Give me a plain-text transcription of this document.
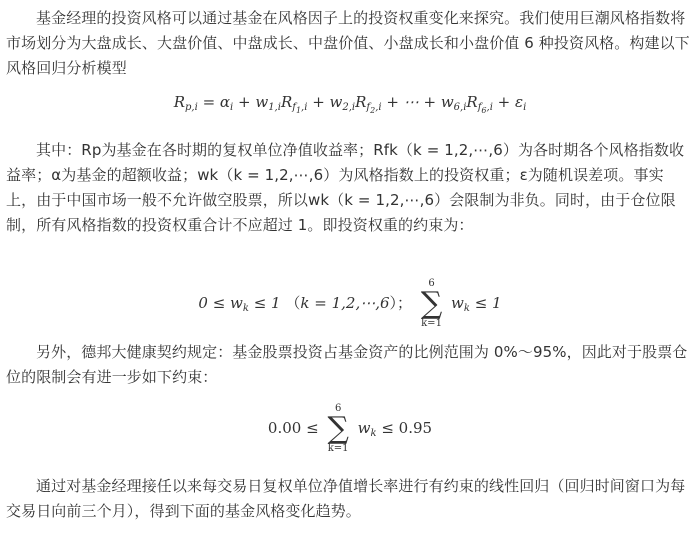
基金经理的投资风格可以通过基金在风格因子上的投资权重变化来探究。我们使用巨潮风格指数将市场划分为大盘成长、大盘价值、中盘成长、中盘价值、小盘成长和小盘价值 6 种投资风格。构建以下风格回归分析模型

$R_{p,i} = \alpha_i + w_{1,i}R_{f_1,i} + w_{2,i}R_{f_2,i}$ + ⋯ + $w_{6,i}R_{f_6,i} + \varepsilon_i$

其中：Rp为基金在各时期的复权单位净值收益率；Rfk（k = 1,2,⋯,6）为各时期各个风格指数收益率；α为基金的超额收益；wk（k = 1,2,⋯,6）为风格指数上的投资权重；ε为随机误差项。事实上，由于中国市场一般不允许做空股票，所以wk（k = 1,2,⋯,6）会限制为非负。同时，由于仓位限制，所有风格指数的投资权重合计不应超过 1。即投资权重的约束为：

$0 \le w_k \le 1$ （k = 1,2,⋯,6）；
6
∑
k=1
$w_k \le 1$

另外，德邦大健康契约规定：基金股票投资占基金资产的比例范围为 0%～95%，因此对于股票仓位的限制会有进一步如下约束：

0.00 ≤
6
∑
k=1
$w_k \le 0.95$

通过对基金经理接任以来每交易日复权单位净值增长率进行有约束的线性回归（回归时间窗口为每交易日向前三个月），得到下面的基金风格变化趋势。
